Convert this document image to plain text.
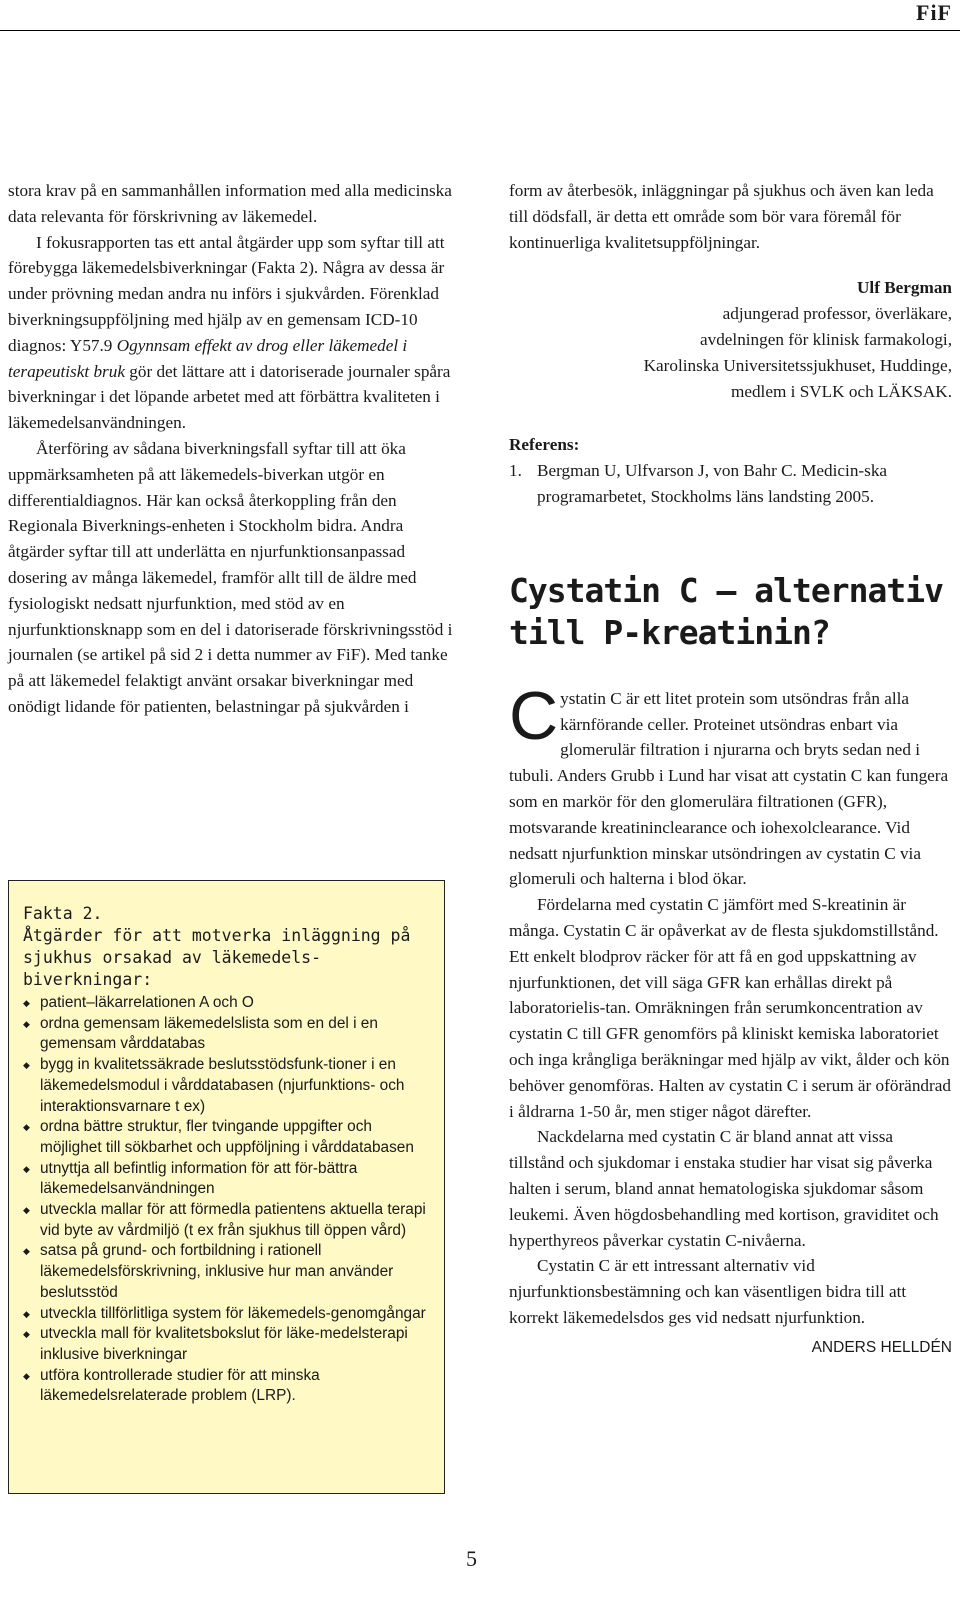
FiF

stora krav på en sammanhållen information med alla medicinska data relevanta för förskrivning av läkemedel.

I fokusrapporten tas ett antal åtgärder upp som syftar till att förebygga läkemedelsbiverkningar (Fakta 2). Några av dessa är under prövning medan andra nu införs i sjukvården. Förenklad biverkningsuppföljning med hjälp av en gemensam ICD-10 diagnos: Y57.9 Ogynnsam effekt av drog eller läkemedel i terapeutiskt bruk gör det lättare att i datoriserade journaler spåra biverkningar i det löpande arbetet med att förbättra kvaliteten i läkemedelsanvändningen.

Återföring av sådana biverkningsfall syftar till att öka uppmärksamheten på att läkemedels-biverkan utgör en differentialdiagnos. Här kan också återkoppling från den Regionala Biverknings-enheten i Stockholm bidra. Andra åtgärder syftar till att underlätta en njurfunktionsanpassad dosering av många läkemedel, framför allt till de äldre med fysiologiskt nedsatt njurfunktion, med stöd av en njurfunktionsknapp som en del i datoriserade förskrivningsstöd i journalen (se artikel på sid 2 i detta nummer av FiF). Med tanke på att läkemedel felaktigt använt orsakar biverkningar med onödigt lidande för patienten, belastningar på sjukvården i

Fakta 2.
Åtgärder för att motverka inläggning på sjukhus orsakad av läkemedels-biverkningar:
◆ patient–läkarrelationen A och O
◆ ordna gemensam läkemedelslista som en del i en gemensam vårddatabas
◆ bygg in kvalitetssäkrade beslutsstödsfunk-tioner i en läkemedelsmodul i vårddatabasen (njurfunktions- och interaktionsvarnare t ex)
◆ ordna bättre struktur, fler tvingande uppgifter och möjlighet till sökbarhet och uppföljning i vårddatabasen
◆ utnyttja all befintlig information för att för-bättra läkemedelsanvändningen
◆ utveckla mallar för att förmedla patientens aktuella terapi vid byte av vårdmiljö (t ex från sjukhus till öppen vård)
◆ satsa på grund- och fortbildning i rationell läkemedelsförskrivning, inklusive hur man använder beslutsstöd
◆ utveckla tillförlitliga system för läkemedels-genomgångar
◆ utveckla mall för kvalitetsbokslut för läke-medelsterapi inklusive biverkningar
◆ utföra kontrollerade studier för att minska läkemedelsrelaterade problem (LRP).

form av återbesök, inläggningar på sjukhus och även kan leda till dödsfall, är detta ett område som bör vara föremål för kontinuerliga kvalitetsuppföljningar.

Ulf Bergman
adjungerad professor, överläkare,
avdelningen för klinisk farmakologi,
Karolinska Universitetssjukhuset, Huddinge,
medlem i SVLK och LÄKSAK.
Referens:
1. Bergman U, Ulfvarson J, von Bahr C. Medicin-ska programarbetet, Stockholms läns landsting 2005.
Cystatin C – alternativ till P-kreatinin?

Cystatin C är ett litet protein som utsöndras från alla kärnförande celler. Proteinet utsöndras enbart via glomerulär filtration i njurarna och bryts sedan ned i tubuli. Anders Grubb i Lund har visat att cystatin C kan fungera som en markör för den glomerulära filtrationen (GFR), motsvarande kreatininclearance och iohexolclearance. Vid nedsatt njurfunktion minskar utsöndringen av cystatin C via glomeruli och halterna i blod ökar.

Fördelarna med cystatin C jämfört med S-kreatinin är många. Cystatin C är opåverkat av de flesta sjukdomstillstånd. Ett enkelt blodprov räcker för att få en god uppskattning av njurfunktionen, det vill säga GFR kan erhållas direkt på laboratorielis-tan. Omräkningen från serumkoncentration av cystatin C till GFR genomförs på kliniskt kemiska laboratoriet och inga krångliga beräkningar med hjälp av vikt, ålder och kön behöver genomföras. Halten av cystatin C i serum är oförändrad i åldrarna 1-50 år, men stiger något därefter.

Nackdelarna med cystatin C är bland annat att vissa tillstånd och sjukdomar i enstaka studier har visat sig påverka halten i serum, bland annat hematologiska sjukdomar såsom leukemi. Även högdosbehandling med kortison, graviditet och hyperthyreos påverkar cystatin C-nivåerna.

Cystatin C är ett intressant alternativ vid njurfunktionsbestämning och kan väsentligen bidra till att korrekt läkemedelsdos ges vid nedsatt njurfunktion.

ANDERS HELLDÉN
5
